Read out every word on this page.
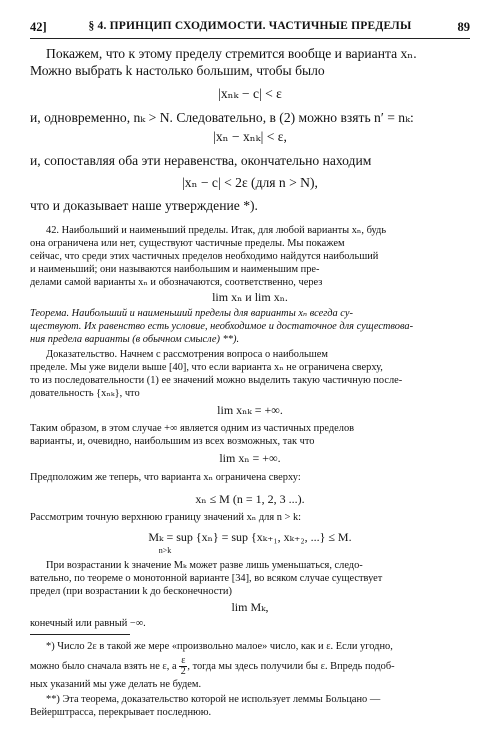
42]	§ 4. ПРИНЦИП СХОДИМОСТИ. ЧАСТИЧНЫЕ ПРЕДЕЛЫ	89
Покажем, что к этому пределу стремится вообще и варианта xₙ.
Можно выбрать k настолько большим, чтобы было
|xₙₖ − c| < ε
и, одновременно, nₖ > N. Следовательно, в (2) можно взять n′ = nₖ:
|xₙ − xₙₖ| < ε,
и, сопоставляя оба эти неравенства, окончательно находим
|xₙ − c| < 2ε (для n > N),
что и доказывает наше утверждение *).

42. Наибольший и наименьший пределы. Итак, для любой варианты xₙ, будь

она ограничена или нет, существуют частичные пределы. Мы покажем

сейчас, что среди этих частичных пределов необходимо найдутся наибольший

и наименьший; они называются наибольшим и наименьшим пре-

делами самой варианты xₙ и обозначаются, соответственно, через

lim xₙ и lim xₙ.

Теорема. Наибольший и наименьший пределы для варианты xₙ всегда су-

ществуют. Их равенство есть условие, необходимое и достаточное для существова-

ния предела варианты (в обычном смысле) **).

Доказательство. Начнем с рассмотрения вопроса о наибольшем

пределе. Мы уже видели выше [40], что если варианта xₙ не ограничена сверху,

то из последовательности (1) ее значений можно выделить такую частичную после-

довательность {xₙₖ}, что

lim xₙₖ = +∞.

Таким образом, в этом случае +∞ является одним из частичных пределов

варианты, и, очевидно, наибольшим из всех возможных, так что

lim xₙ = +∞.
Предположим же теперь, что варианта xₙ ограничена сверху:
xₙ ≤ M (n = 1, 2, 3 ...).
Рассмотрим точную верхнюю границу значений xₙ для n > k:
Mₖ = sup {xₙ} = sup {xₖ₊₁, xₖ₊₂, ...} ≤ M.
n>k

При возрастании k значение Mₖ может разве лишь уменьшаться, следо-

вательно, по теореме о монотонной варианте [34], во всяком случае существует

предел (при возрастании k до бесконечности)

lim Mₖ,
конечный или равный −∞.
*) Число 2ε в такой же мере «произвольно малое» число, как и ε. Если угодно,
можно было сначала взять не ε, а $\frac{\varepsilon}{2}$ , тогда мы здесь получили бы ε. Впредь подоб-
ных указаний мы уже делать не будем.
**) Эта теорема, доказательство которой не использует леммы Больцано —
Вейерштрасса, перекрывает последнюю.
